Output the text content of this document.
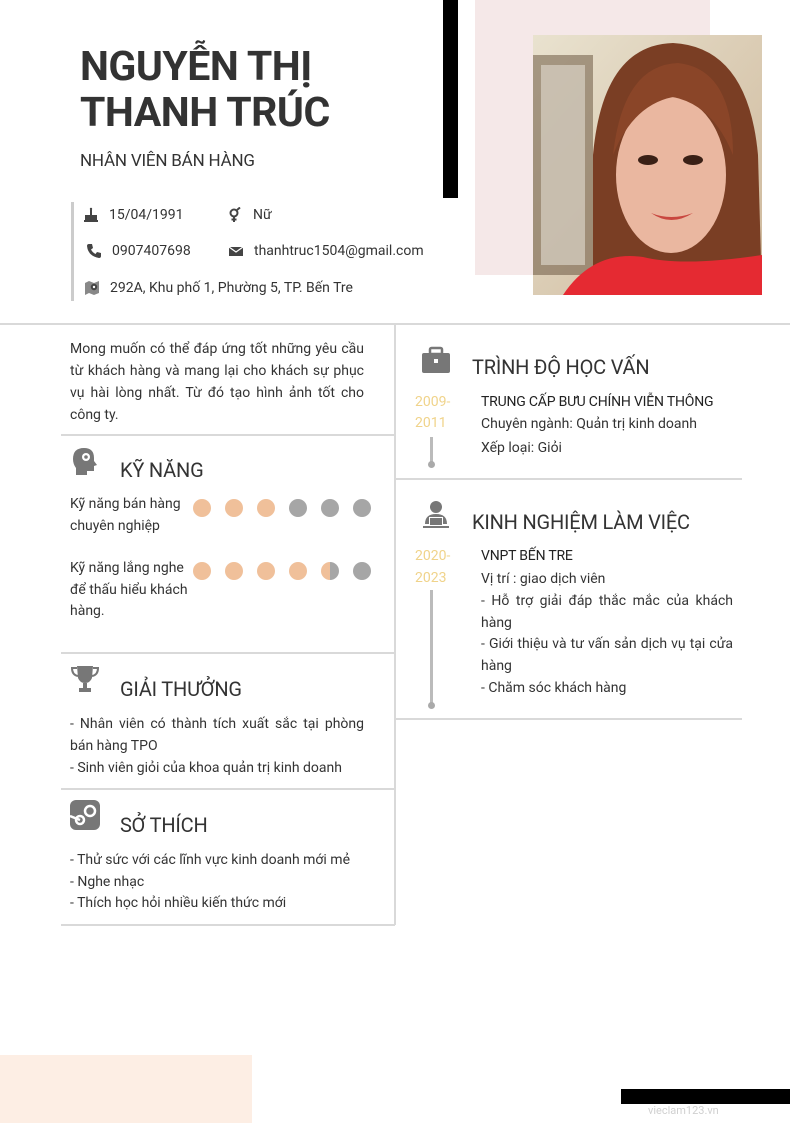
NGUYỄN THỊ THANH TRÚC
NHÂN VIÊN BÁN HÀNG
15/04/1991	Nữ
0907407698	thanhtruc1504@gmail.com
292A, Khu phố 1, Phường 5, TP. Bến Tre
Mong muốn có thể đáp ứng tốt những yêu cầu từ khách hàng và mang lại cho khách sự phục vụ hài lòng nhất. Từ đó tạo hình ảnh tốt cho công ty.
KỸ NĂNG
Kỹ năng bán hàng chuyên nghiệp
Kỹ năng lắng nghe để thấu hiểu khách hàng.
GIẢI THƯỞNG
- Nhân viên có thành tích xuất sắc tại phòng bán hàng TPO
- Sinh viên giỏi của khoa quản trị kinh doanh
SỞ THÍCH
- Thử sức với các lĩnh vực kinh doanh mới mẻ
- Nghe nhạc
- Thích học hỏi nhiều kiến thức mới
TRÌNH ĐỘ HỌC VẤN
2009-
2011
TRUNG CẤP BƯU CHÍNH VIỄN THÔNG
Chuyên ngành: Quản trị kinh doanh
Xếp loại: Giỏi
KINH NGHIỆM LÀM VIỆC
2020-
2023
VNPT BẾN TRE
Vị trí : giao dịch viên
- Hỗ trợ giải đáp thắc mắc của khách hàng
- Giới thiệu và tư vấn sản dịch vụ tại cửa hàng
- Chăm sóc khách hàng
vieclam123.vn
